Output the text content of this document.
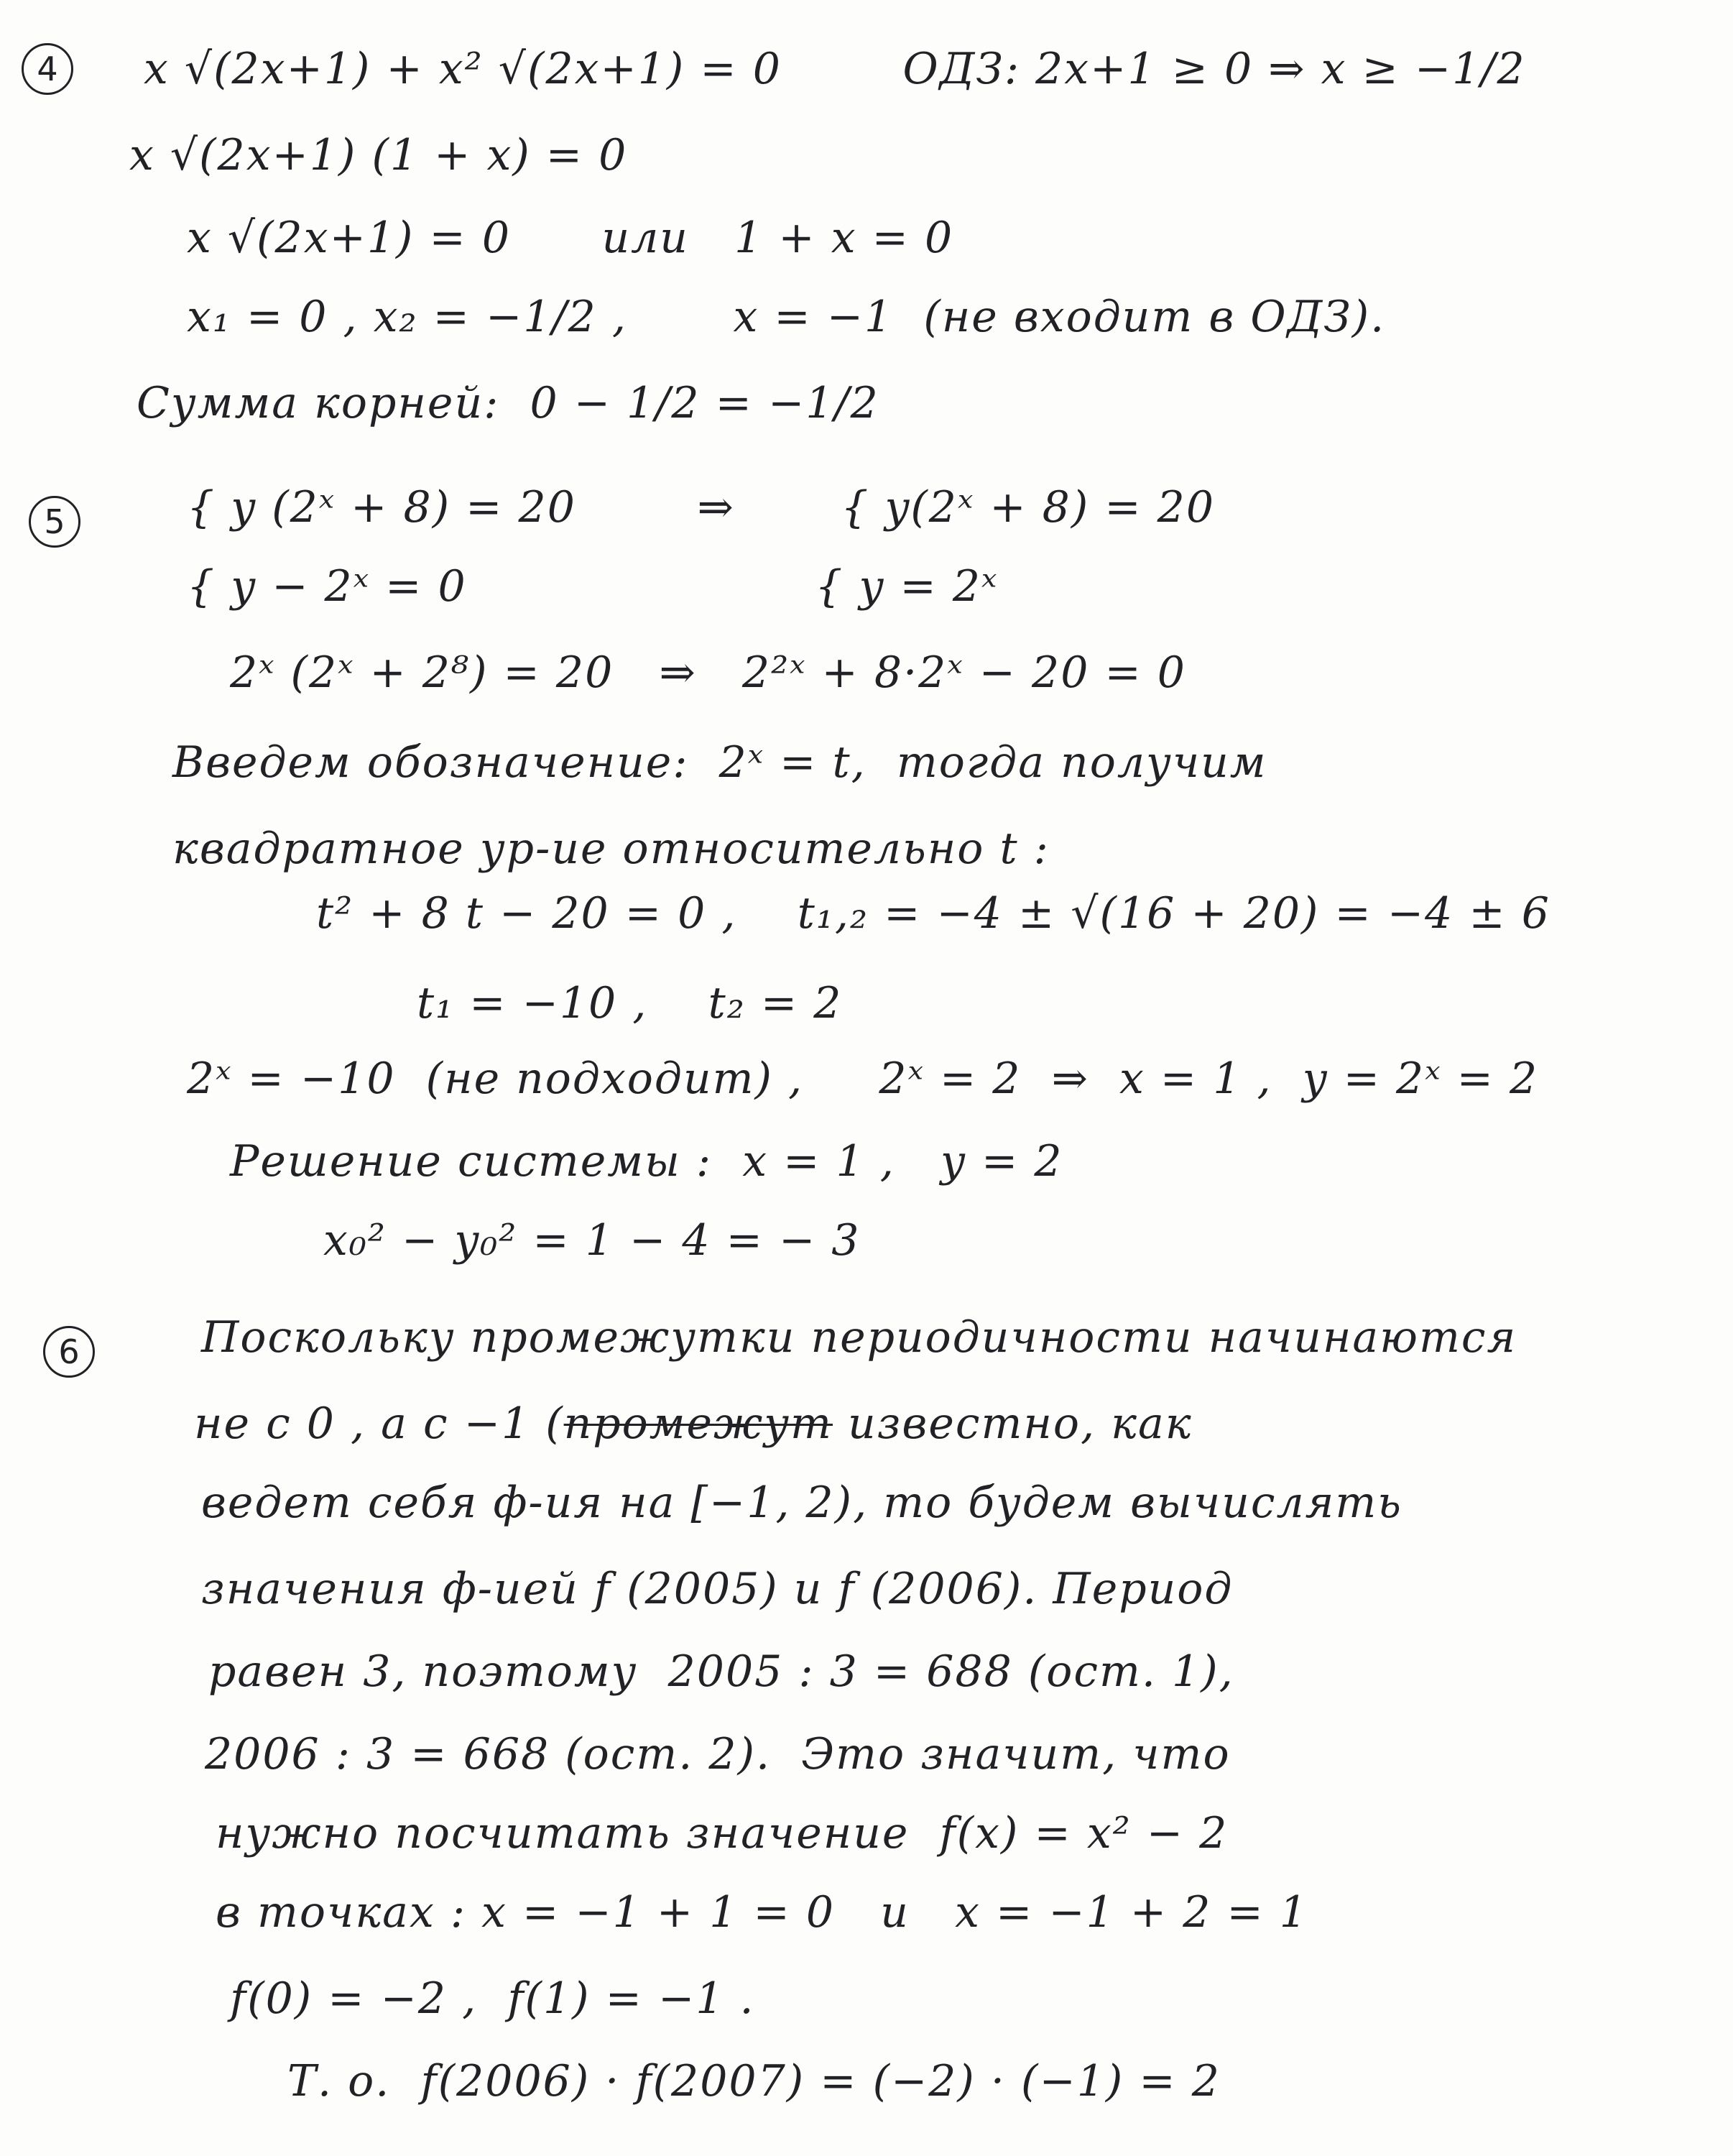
4	x √(2x+1) + x² √(2x+1) = 0        ОДЗ: 2x+1 ≥ 0 ⇒ x ≥ −1/2
x √(2x+1) (1 + x) = 0
x √(2x+1) = 0      или   1 + x = 0
x₁ = 0 , x₂ = −1/2 ,       x = −1  (не входит в ОДЗ).
Сумма корней:  0 − 1/2 = −1/2
5	{ y (2ˣ + 8) = 20        ⇒       { y(2ˣ + 8) = 20
{ y − 2ˣ = 0                       { y = 2ˣ
2ˣ (2ˣ + 2⁸) = 20   ⇒   2²ˣ + 8·2ˣ − 20 = 0
Введем обозначение:  2ˣ = t,  тогда получим
квадратное ур-ие относительно t :
t² + 8 t − 20 = 0 ,    t₁,₂ = −4 ± √(16 + 20) = −4 ± 6
t₁ = −10 ,    t₂ = 2
2ˣ = −10  (не подходит) ,     2ˣ = 2  ⇒  x = 1 ,  y = 2ˣ = 2
Решение системы :  x = 1 ,   y = 2
x₀² − y₀² = 1 − 4 = − 3
6	Поскольку промежутки периодичности начинаются
не с 0 , а с −1 (промежут известно, как
ведет себя ф-ия на [−1, 2), то будем вычислять
значения ф-ией f (2005) и f (2006). Период
равен 3, поэтому  2005 : 3 = 688 (ост. 1),
2006 : 3 = 668 (ост. 2).  Это значит, что
нужно посчитать значение  f(x) = x² − 2
в точках : x = −1 + 1 = 0   и   x = −1 + 2 = 1
f(0) = −2 ,  f(1) = −1 .
Т. о.  f(2006) · f(2007) = (−2) · (−1) = 2
